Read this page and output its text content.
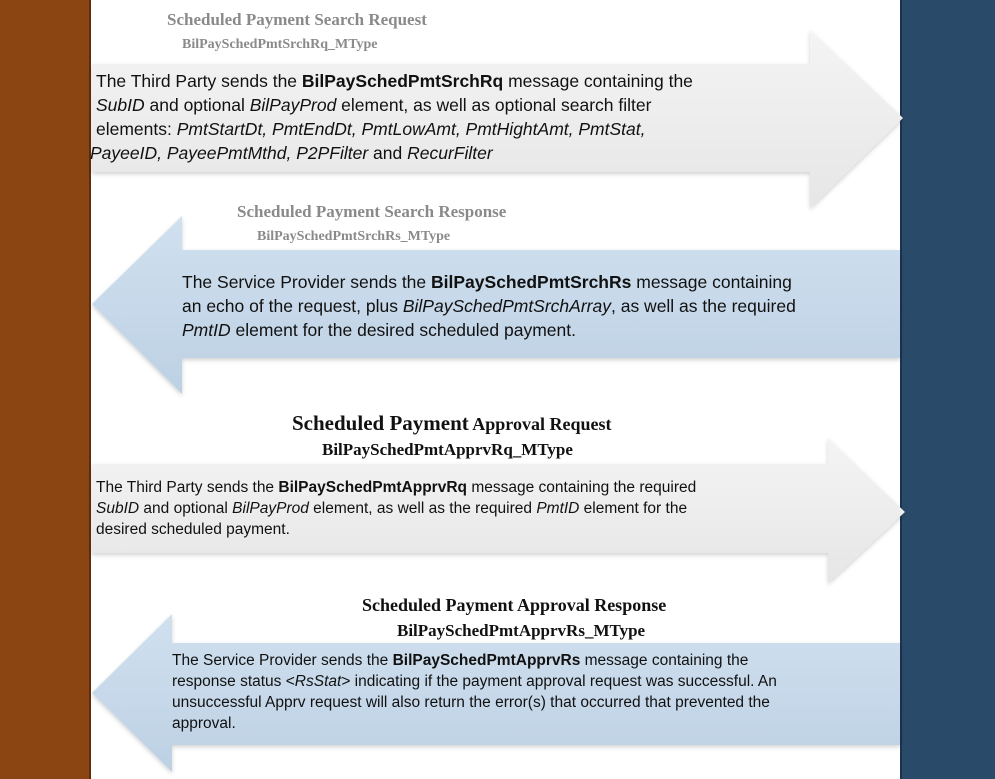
Scheduled Payment Search Request
BilPaySchedPmtSrchRq_MType
The Third Party sends the BilPaySchedPmtSrchRq message containing the
SubID and optional BilPayProd element, as well as optional search filter
elements: PmtStartDt, PmtEndDt, PmtLowAmt, PmtHightAmt, PmtStat,
PayeeID, PayeePmtMthd, P2PFilter and RecurFilter
Scheduled Payment Search Response
BilPaySchedPmtSrchRs_MType
The Service Provider sends the BilPaySchedPmtSrchRs message containing
an echo of the request, plus BilPaySchedPmtSrchArray, as well as the required
PmtID element for the desired scheduled payment.
Scheduled Payment Approval Request
BilPaySchedPmtApprvRq_MType
The Third Party sends the BilPaySchedPmtApprvRq message containing the required
SubID and optional BilPayProd element, as well as the required PmtID element for the
desired scheduled payment.
Scheduled Payment Approval Response
BilPaySchedPmtApprvRs_MType
The Service Provider sends the BilPaySchedPmtApprvRs message containing the
response status <RsStat> indicating if the payment approval request was successful. An
unsuccessful Apprv request will also return the error(s) that occurred that prevented the
approval.
